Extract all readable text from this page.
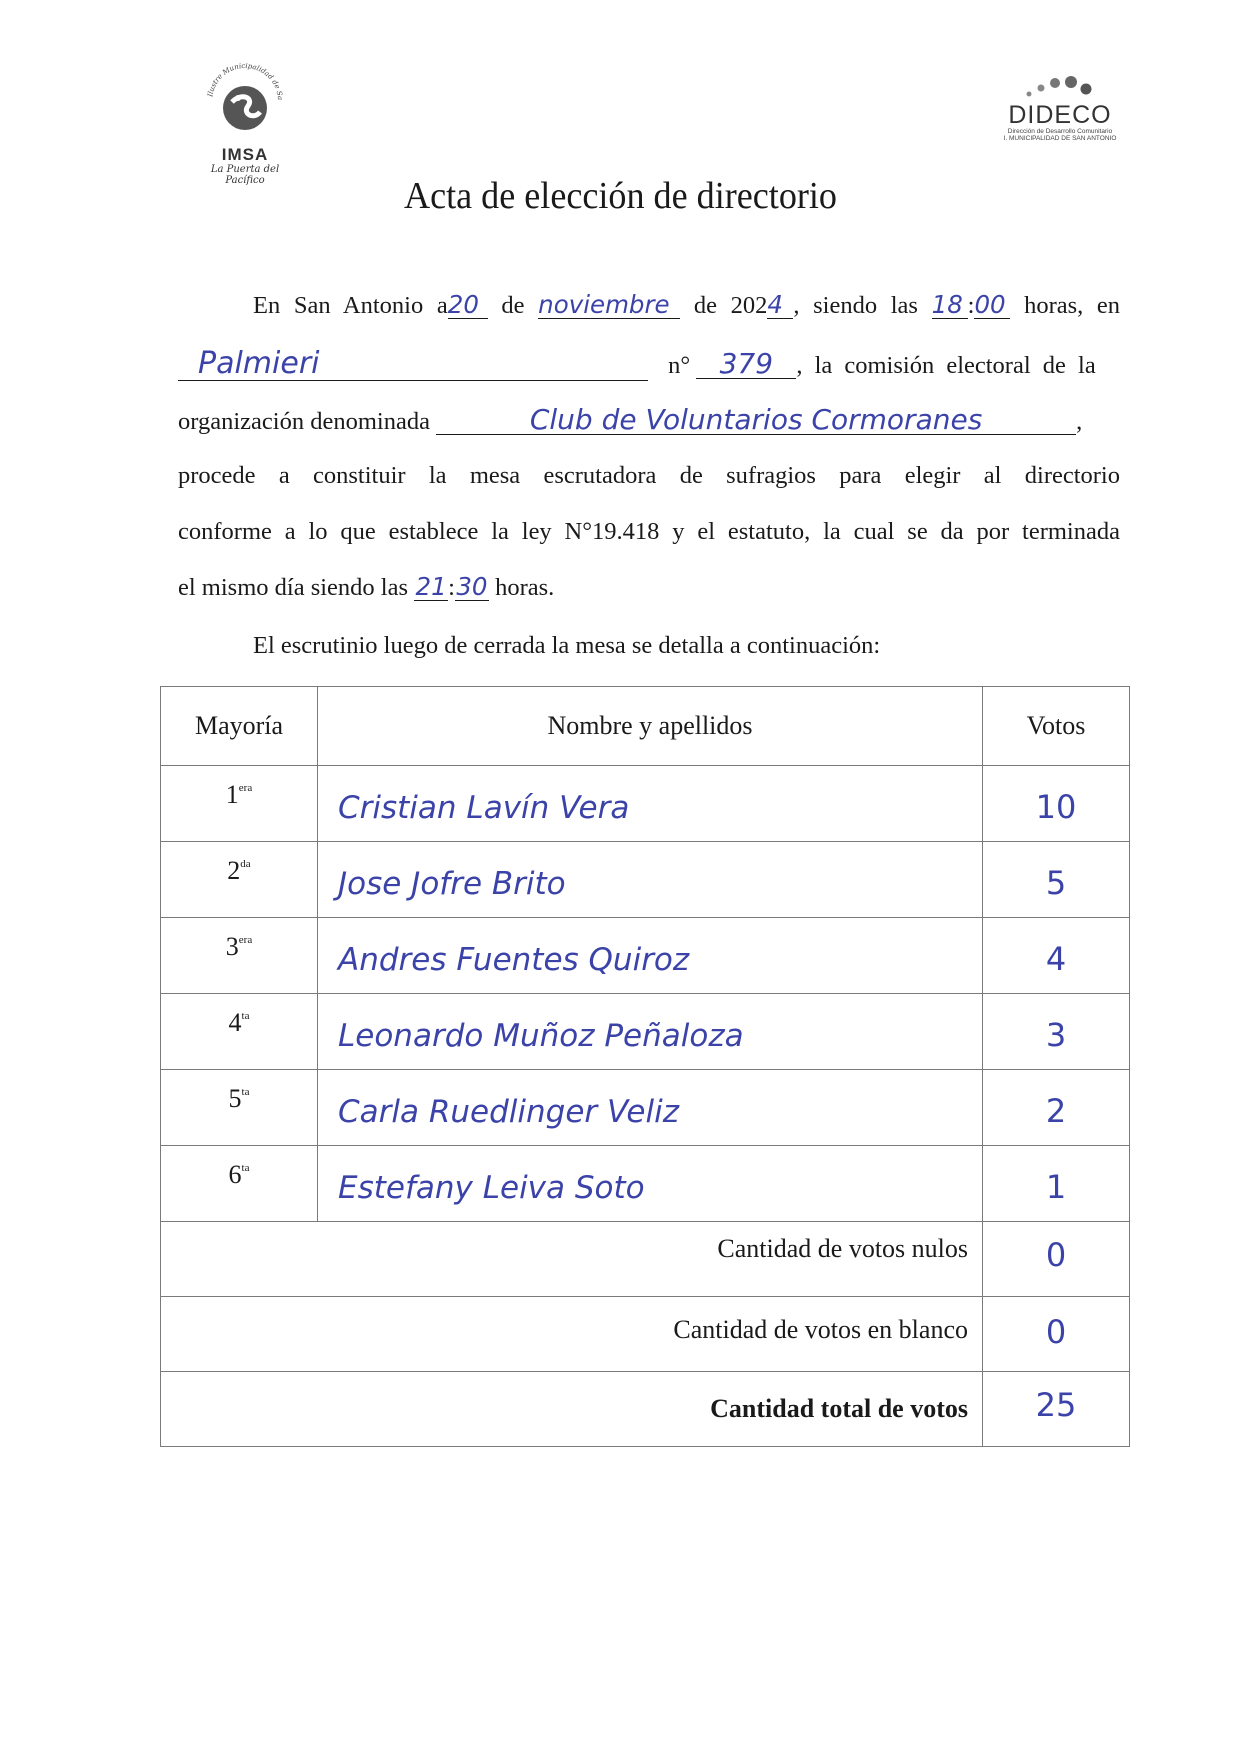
Ilustre Municipalidad de Sa
IMSA
La Puerta del Pacífico
DIDECO
Dirección de Desarrollo Comunitario
I. MUNICIPALIDAD DE SAN ANTONIO
Acta de elección de directorio
En San Antonio a20 de noviembre de 2024 , siendo las 18 :00 horas, en
Palmieri	n° 379 , la comisión electoral de la
organización denominada	Club de Voluntarios Cormoranes	,
procede a constituir la mesa escrutadora de sufragios para elegir al directorio
conforme a lo que establece la ley N°19.418 y el estatuto, la cual se da por terminada
el mismo día siendo las 21:30 horas.
El escrutinio luego de cerrada la mesa se detalla a continuación:
Mayoría	Nombre y apellidos	Votos

$1^{era}$	Cristian Lavín Vera	10

$2^{da}$	Jose Jofre Brito	5

$3^{era}$	Andres Fuentes Quiroz	4

$4^{ta}$	Leonardo Muñoz Peñaloza	3

$5^{ta}$	Carla Ruedlinger Veliz	2

$6^{ta}$	Estefany Leiva Soto	1

Cantidad de votos nulos		0

Cantidad de votos en blanco		0

Cantidad total de votos		25
